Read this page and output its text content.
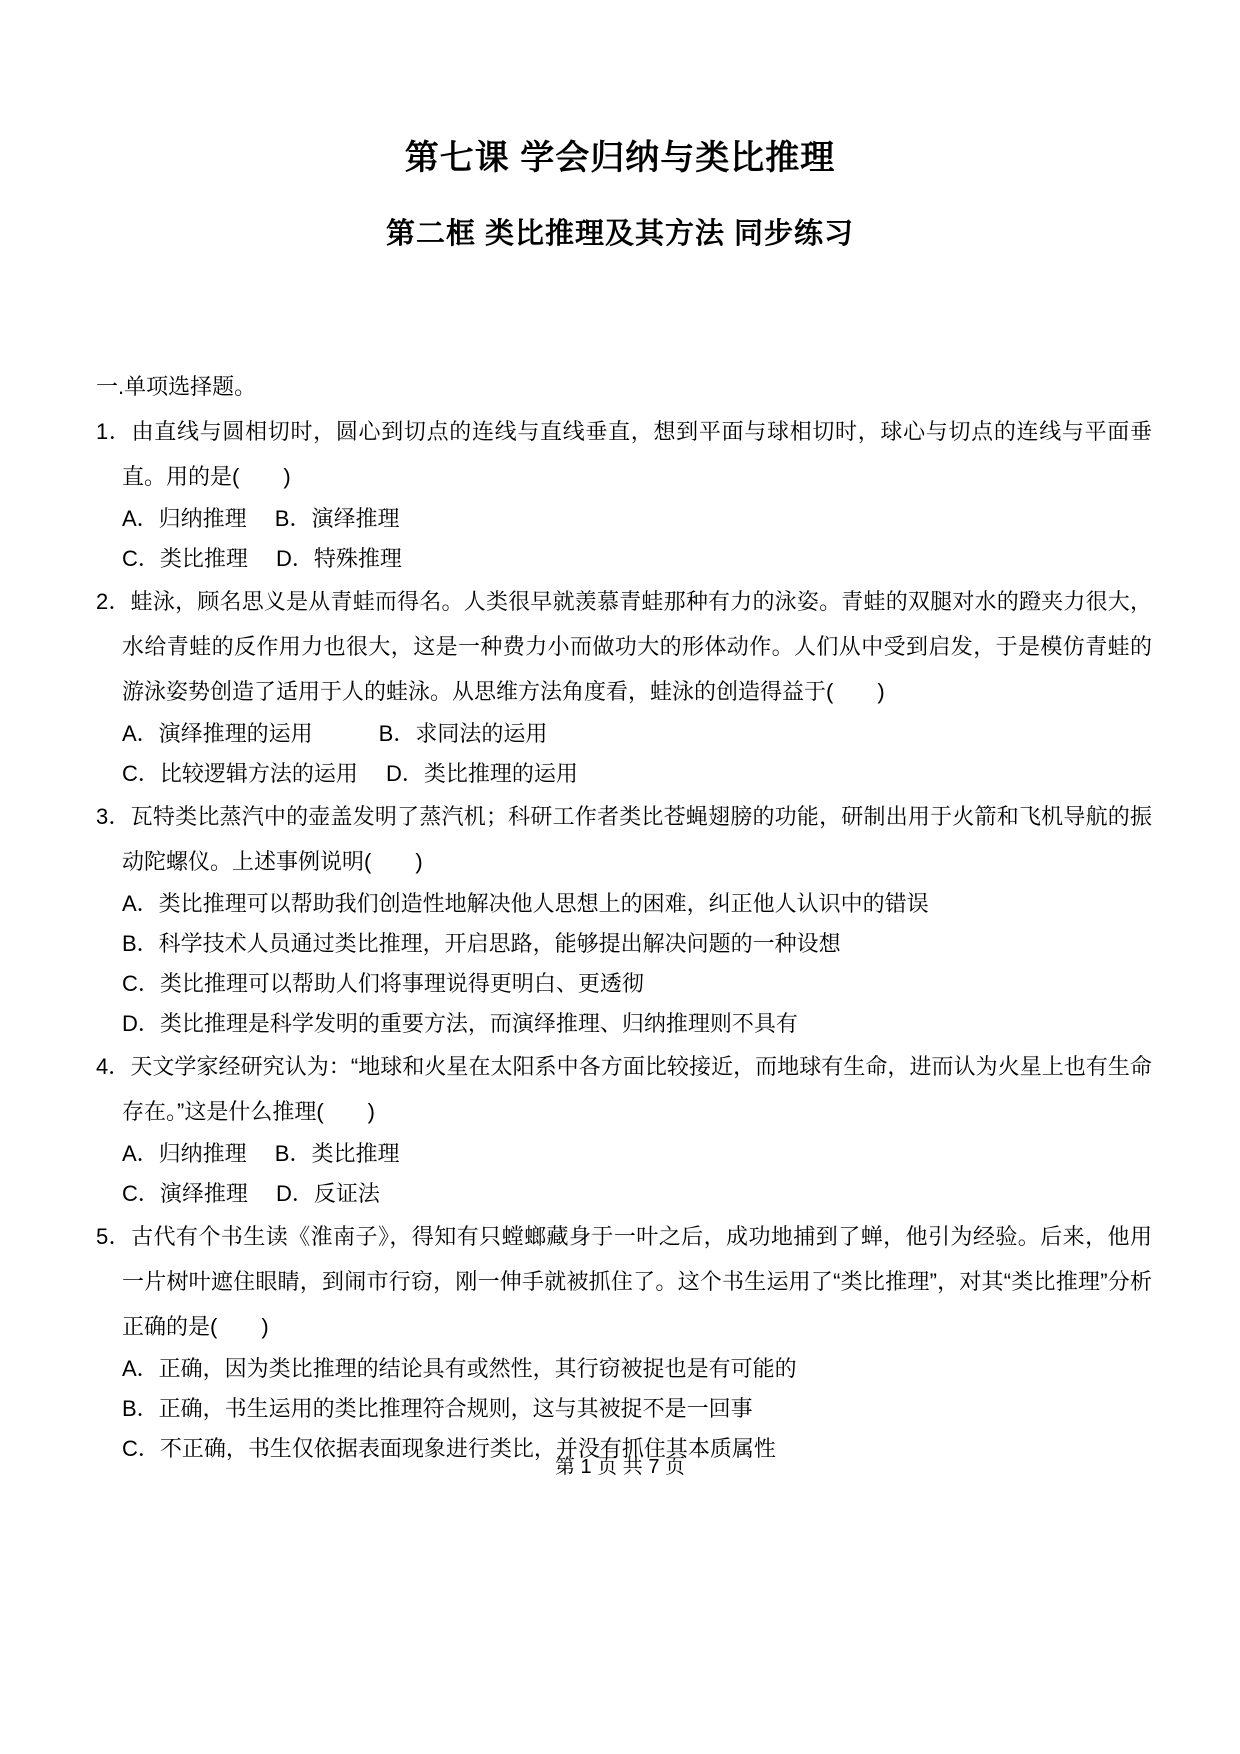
第七课 学会归纳与类比推理
第二框 类比推理及其方法 同步练习
一.单项选择题。
1．由直线与圆相切时，圆心到切点的连线与直线垂直，想到平面与球相切时，球心与切点的连线与平面垂直。用的是(　　)
A．归纳推理　 B．演绎推理
C．类比推理　 D．特殊推理
2．蛙泳，顾名思义是从青蛙而得名。人类很早就羡慕青蛙那种有力的泳姿。青蛙的双腿对水的蹬夹力很大，水给青蛙的反作用力也很大，这是一种费力小而做功大的形体动作。人们从中受到启发，于是模仿青蛙的游泳姿势创造了适用于人的蛙泳。从思维方法角度看，蛙泳的创造得益于(　　)
A．演绎推理的运用　　　B．求同法的运用
C．比较逻辑方法的运用　 D．类比推理的运用
3．瓦特类比蒸汽中的壶盖发明了蒸汽机；科研工作者类比苍蝇翅膀的功能，研制出用于火箭和飞机导航的振动陀螺仪。上述事例说明(　　)
A．类比推理可以帮助我们创造性地解决他人思想上的困难，纠正他人认识中的错误
B．科学技术人员通过类比推理，开启思路，能够提出解决问题的一种设想
C．类比推理可以帮助人们将事理说得更明白、更透彻
D．类比推理是科学发明的重要方法，而演绎推理、归纳推理则不具有
4．天文学家经研究认为：“地球和火星在太阳系中各方面比较接近，而地球有生命，进而认为火星上也有生命存在。”这是什么推理(　　)
A．归纳推理　 B．类比推理
C．演绎推理　 D．反证法
5．古代有个书生读《淮南子》，得知有只螳螂藏身于一叶之后，成功地捕到了蝉，他引为经验。后来，他用一片树叶遮住眼睛，到闹市行窃，刚一伸手就被抓住了。这个书生运用了“类比推理”，对其“类比推理”分析正确的是(　　)
A．正确，因为类比推理的结论具有或然性，其行窃被捉也是有可能的
B．正确，书生运用的类比推理符合规则，这与其被捉不是一回事
C．不正确，书生仅依据表面现象进行类比，并没有抓住其本质属性
第 1 页 共 7 页
